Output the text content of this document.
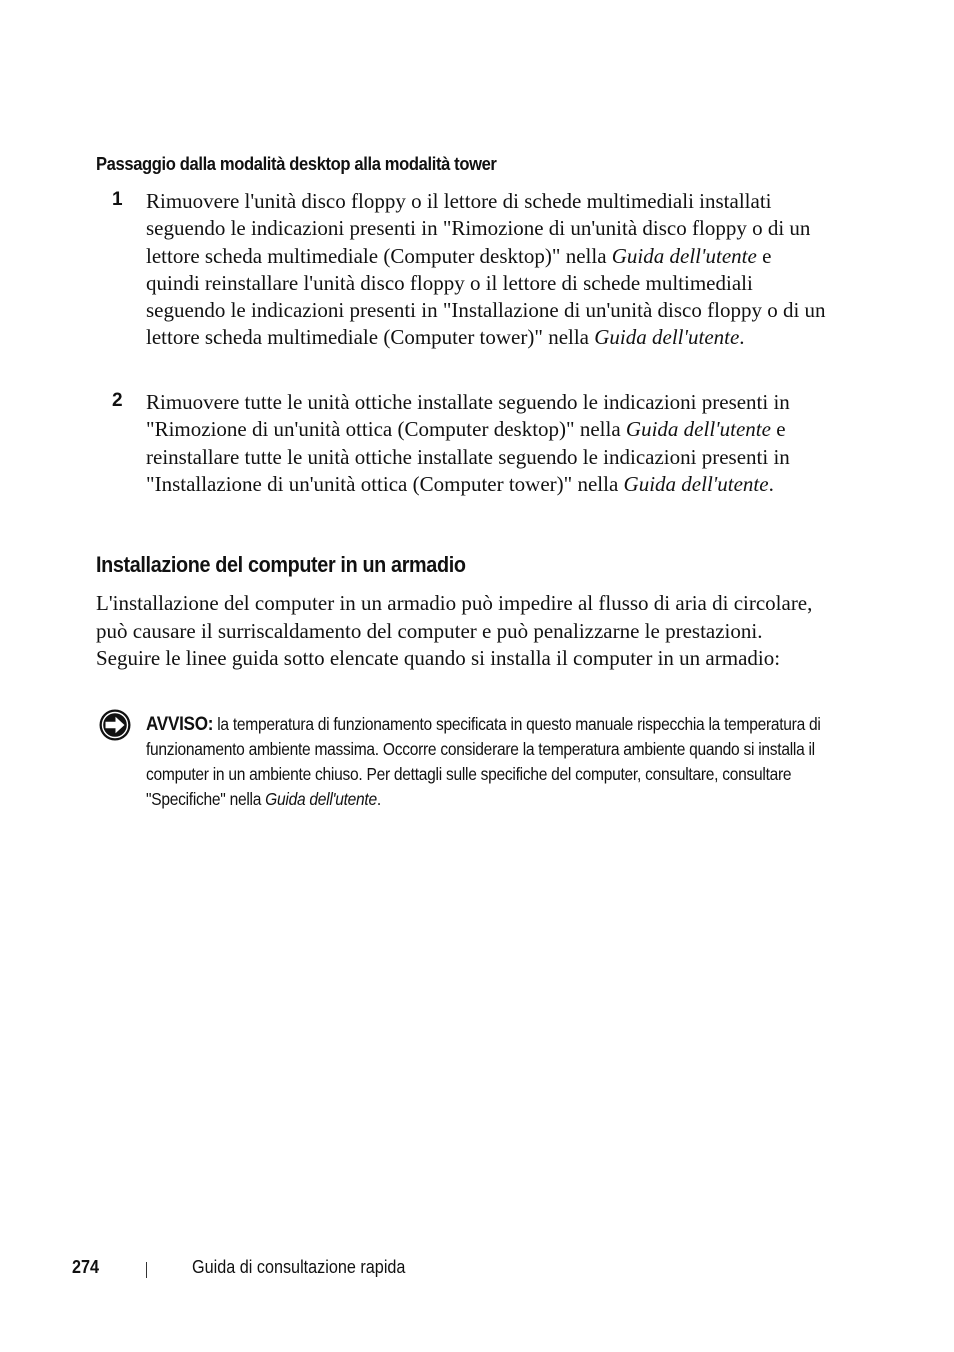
Passaggio dalla modalità desktop alla modalità tower
1 Rimuovere l'unità disco floppy o il lettore di schede multimediali installati seguendo le indicazioni presenti in "Rimozione di un'unità disco floppy o di un lettore scheda multimediale (Computer desktop)" nella Guida dell'utente e quindi reinstallare l'unità disco floppy o il lettore di schede multimediali seguendo le indicazioni presenti in "Installazione di un'unità disco floppy o di un lettore scheda multimediale (Computer tower)" nella Guida dell'utente.
2 Rimuovere tutte le unità ottiche installate seguendo le indicazioni presenti in "Rimozione di un'unità ottica (Computer desktop)" nella Guida dell'utente e reinstallare tutte le unità ottiche installate seguendo le indicazioni presenti in "Installazione di un'unità ottica (Computer tower)" nella Guida dell'utente.
Installazione del computer in un armadio
L'installazione del computer in un armadio può impedire al flusso di aria di circolare, può causare il surriscaldamento del computer e può penalizzarne le prestazioni. Seguire le linee guida sotto elencate quando si installa il computer in un armadio:
AVVISO: la temperatura di funzionamento specificata in questo manuale rispecchia la temperatura di funzionamento ambiente massima. Occorre considerare la temperatura ambiente quando si installa il computer in un ambiente chiuso. Per dettagli sulle specifiche del computer, consultare, consultare "Specifiche" nella Guida dell'utente.
274	Guida di consultazione rapida
